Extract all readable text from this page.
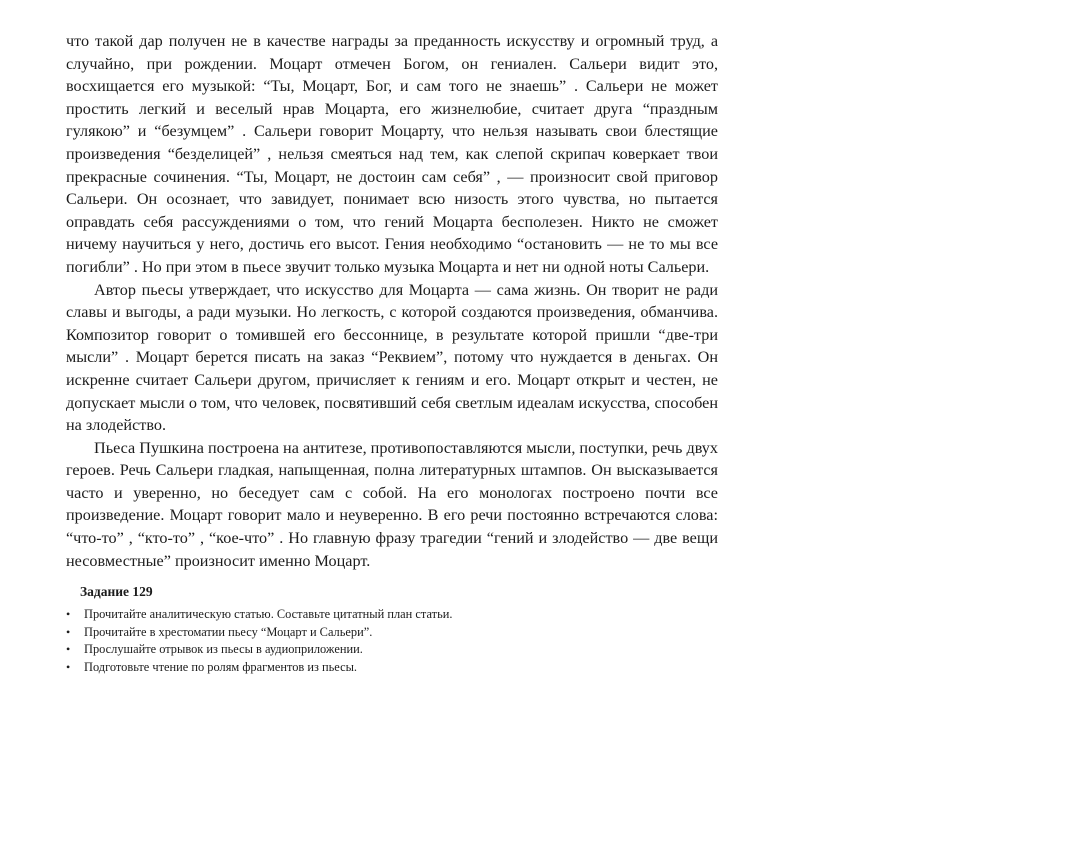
что такой дар получен не в качестве награды за преданность искусству и огромный труд, а случайно, при рождении. Моцарт отмечен Богом, он гениален. Сальери видит это, восхищается его музыкой: “Ты, Моцарт, Бог, и сам того не знаешь” . Сальери не может простить легкий и веселый нрав Моцарта, его жизнелюбие, считает друга “праздным гулякою” и “безумцем” . Сальери говорит Моцарту, что нельзя называть свои блестящие произведения “безделицей” , нельзя смеяться над тем, как слепой скрипач коверкает твои прекрасные сочинения. “Ты, Моцарт, не достоин сам себя” , — произносит свой приговор Сальери. Он осознает, что завидует, понимает всю низость этого чувства, но пытается оправдать себя рассуждениями о том, что гений Моцарта бесполезен. Никто не сможет ничему научиться у него, достичь его высот. Гения необходимо “остановить — не то мы все погибли” . Но при этом в пьесе звучит только музыка Моцарта и нет ни одной ноты Сальери.

Автор пьесы утверждает, что искусство для Моцарта — сама жизнь. Он творит не ради славы и выгоды, а ради музыки. Но легкость, с которой создаются произведения, обманчива. Композитор говорит о томившей его бессоннице, в результате которой пришли “две-три мысли” . Моцарт берется писать на заказ “Реквием”, потому что нуждается в деньгах. Он искренне считает Сальери другом, причисляет к гениям и его. Моцарт открыт и честен, не допускает мысли о том, что человек, посвятивший себя светлым идеалам искусства, способен на злодейство.

Пьеса Пушкина построена на антитезе, противопоставляются мысли, поступки, речь двух героев. Речь Сальери гладкая, напыщенная, полна литературных штампов. Он высказывается часто и уверенно, но беседует сам с собой. На его монологах построено почти все произведение. Моцарт говорит мало и неуверенно. В его речи постоянно встречаются слова: “что-то” , “кто-то” , “кое-что” . Но главную фразу трагедии “гений и злодейство — две вещи несовместные” произносит именно Моцарт.

Задание 129
• Прочитайте аналитическую статью. Составьте цитатный план статьи.
• Прочитайте в хрестоматии пьесу “Моцарт и Сальери”.
• Прослушайте отрывок из пьесы в аудиоприложении.
• Подготовьте чтение по ролям фрагментов из пьесы.
